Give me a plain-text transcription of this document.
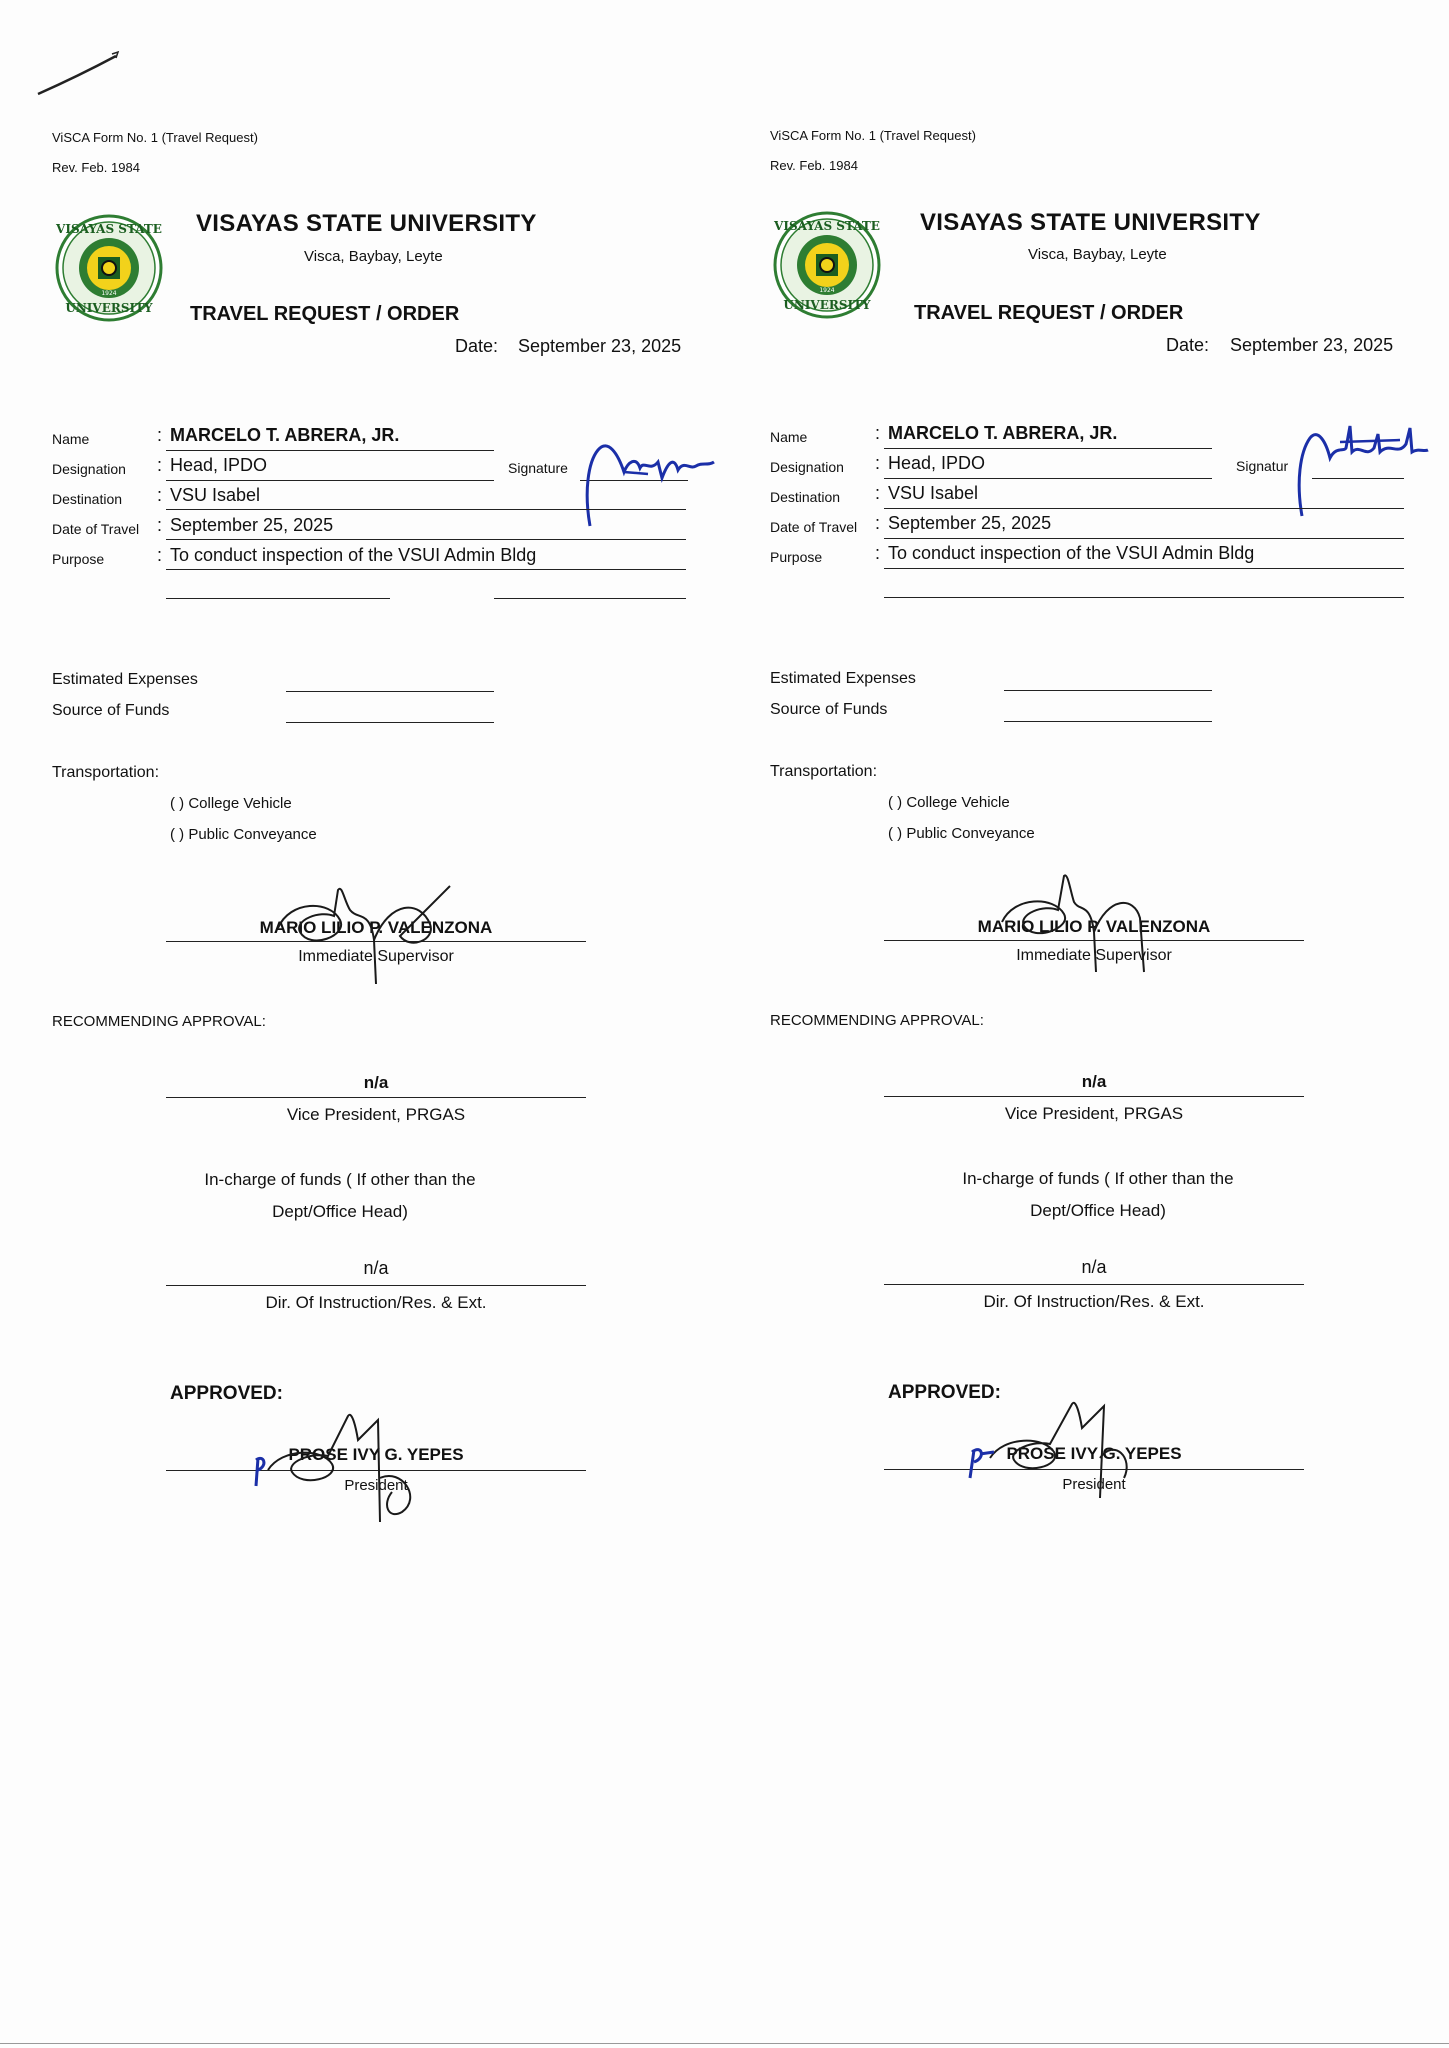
ViSCA Form No. 1 (Travel Request)
Rev. Feb. 1984
VISAYAS STATE
UNIVERSITY
1924
VISAYAS STATE UNIVERSITY
Visca, Baybay, Leyte
TRAVEL REQUEST / ORDER
Date: September 23, 2025
Name	: MARCELO T. ABRERA, JR.
Designation : Head, IPDO	Signature
Destination : VSU Isabel
Date of Travel : September 25, 2025
Purpose	: To conduct inspection of the VSUI Admin Bldg
Estimated Expenses
Source of Funds
Transportation:
( ) College Vehicle
( ) Public Conveyance
MARIO LILIO P. VALENZONA
Immediate Supervisor
RECOMMENDING APPROVAL:
n/a
Vice President, PRGAS
In-charge of funds ( If other than the
Dept/Office Head)
n/a
Dir. Of Instruction/Res. & Ext.
APPROVED:
PROSE IVY G. YEPES
President
ViSCA Form No. 1 (Travel Request)
Rev. Feb. 1984
VISAYAS STATE
UNIVERSITY
1924
VISAYAS STATE UNIVERSITY
Visca, Baybay, Leyte
TRAVEL REQUEST / ORDER
Date: September 23, 2025
Name	: MARCELO T. ABRERA, JR.
Designation : Head, IPDO	Signatur
Destination : VSU Isabel
Date of Travel : September 25, 2025
Purpose	: To conduct inspection of the VSUI Admin Bldg
Estimated Expenses
Source of Funds
Transportation:
( ) College Vehicle
( ) Public Conveyance
MARIO LILIO P. VALENZONA
Immediate Supervisor
RECOMMENDING APPROVAL:
n/a
Vice President, PRGAS
In-charge of funds ( If other than the
Dept/Office Head)
n/a
Dir. Of Instruction/Res. & Ext.
APPROVED:
PROSE IVY G. YEPES
President
